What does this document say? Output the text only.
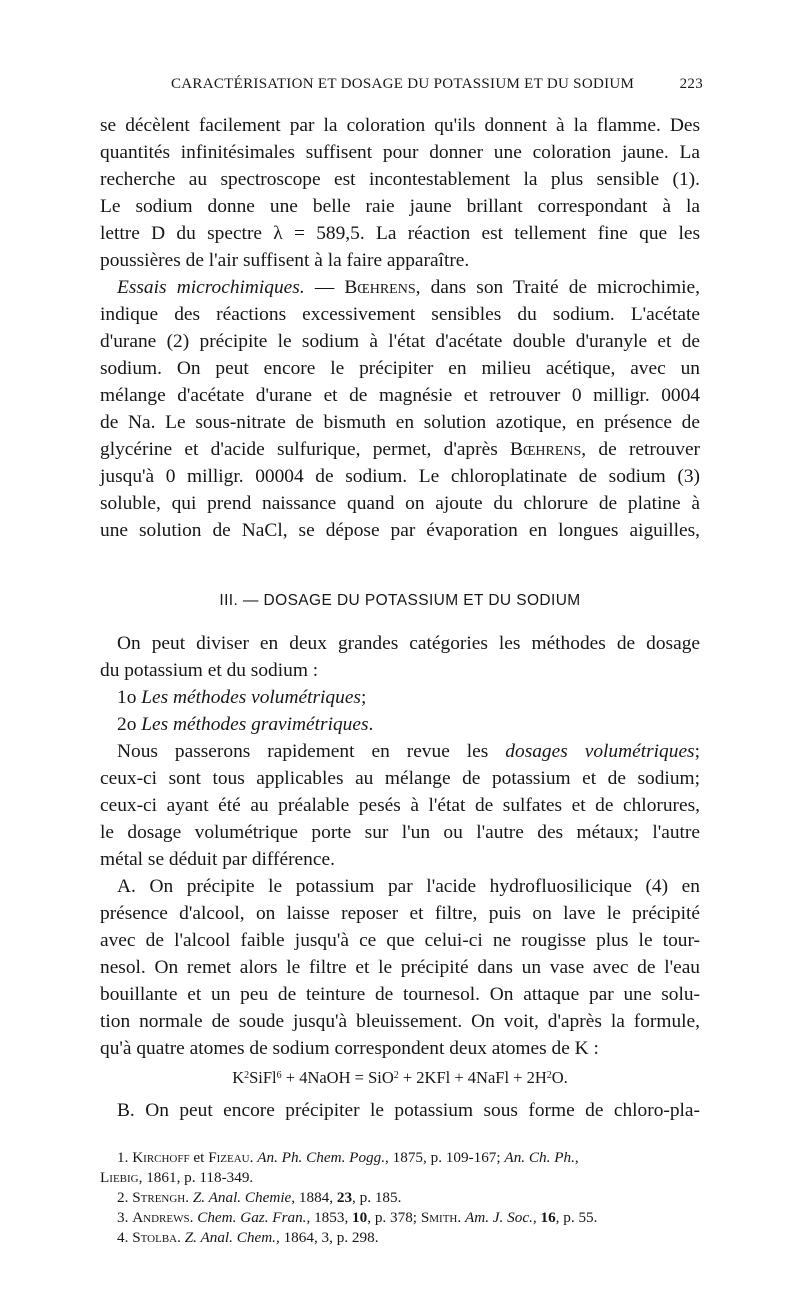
CARACTÉRISATION ET DOSAGE DU POTASSIUM ET DU SODIUM	223
se décèlent facilement par la coloration qu'ils donnent à la flamme. Des
quantités infinitésimales suffisent pour donner une coloration jaune. La
recherche au spectroscope est incontestablement la plus sensible (1).
Le sodium donne une belle raie jaune brillant correspondant à la
lettre D du spectre λ = 589,5. La réaction est tellement fine que les
poussières de l'air suffisent à la faire apparaître.
Essais microchimiques. — Bœhrens, dans son Traité de microchimie,
indique des réactions excessivement sensibles du sodium. L'acétate
d'urane (2) précipite le sodium à l'état d'acétate double d'uranyle et de
sodium. On peut encore le précipiter en milieu acétique, avec un
mélange d'acétate d'urane et de magnésie et retrouver 0 milligr. 0004
de Na. Le sous-nitrate de bismuth en solution azotique, en présence de
glycérine et d'acide sulfurique, permet, d'après Bœhrens, de retrouver
jusqu'à 0 milligr. 00004 de sodium. Le chloroplatinate de sodium (3)
soluble, qui prend naissance quand on ajoute du chlorure de platine à
une solution de NaCl, se dépose par évaporation en longues aiguilles,
III. — DOSAGE DU POTASSIUM ET DU SODIUM
On peut diviser en deux grandes catégories les méthodes de dosage
du potassium et du sodium :
1o Les méthodes volumétriques;
2o Les méthodes gravimétriques.
Nous passerons rapidement en revue les dosages volumétriques;
ceux-ci sont tous applicables au mélange de potassium et de sodium;
ceux-ci ayant été au préalable pesés à l'état de sulfates et de chlorures,
le dosage volumétrique porte sur l'un ou l'autre des métaux; l'autre
métal se déduit par différence.
A. On précipite le potassium par l'acide hydrofluosilicique (4) en
présence d'alcool, on laisse reposer et filtre, puis on lave le précipité
avec de l'alcool faible jusqu'à ce que celui-ci ne rougisse plus le tour-
nesol. On remet alors le filtre et le précipité dans un vase avec de l'eau
bouillante et un peu de teinture de tournesol. On attaque par une solu-
tion normale de soude jusqu'à bleuissement. On voit, d'après la formule,
qu'à quatre atomes de sodium correspondent deux atomes de K :
$K^2SiFl^6$ + 4NaOH = SiO$^2$ + 2KFl + 4NaFl + $2H^2O$.
B. On peut encore précipiter le potassium sous forme de chloro-pla-
1. Kirchoff et Fizeau. An. Ph. Chem. Pogg., 1875, p. 109-167; An. Ch. Ph.,
Liebig, 1861, p. 118-349.
2. Strengh. Z. Anal. Chemie, 1884, 23, p. 185.
3. Andrews. Chem. Gaz. Fran., 1853, 10, p. 378; Smith. Am. J. Soc., 16, p. 55.
4. Stolba. Z. Anal. Chem., 1864, 3, p. 298.
